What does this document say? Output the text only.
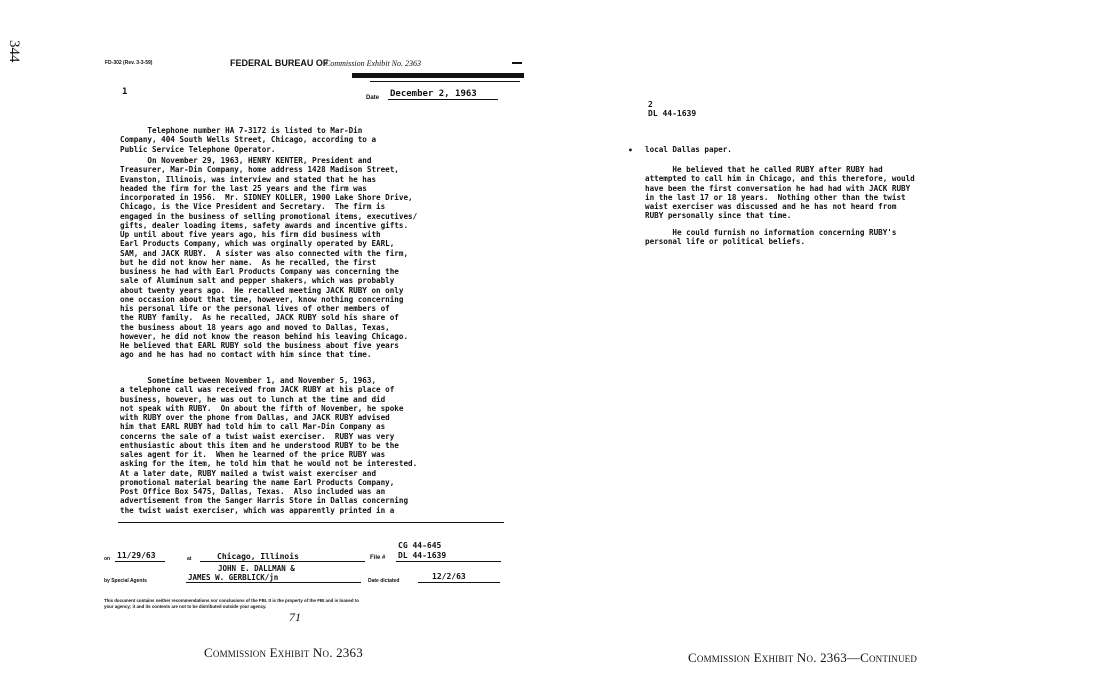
344
FD-302 (Rev. 3-3-59)	FEDERAL BUREAU OF
Commission Exhibit No. 2363
1
Date December 2, 1963
Telephone number HA 7-3172 is listed to Mar-Din
Company, 404 South Wells Street, Chicago, according to a
Public Service Telephone Operator.
On November 29, 1963, HENRY KENTER, President and
Treasurer, Mar-Din Company, home address 1428 Madison Street,
Evanston, Illinois, was interview and stated that he has
headed the firm for the last 25 years and the firm was
incorporated in 1956.  Mr. SIDNEY KOLLER, 1900 Lake Shore Drive,
Chicago, is the Vice President and Secretary.  The firm is
engaged in the business of selling promotional items, executives/
gifts, dealer loading items, safety awards and incentive gifts.
Up until about five years ago, his firm did business with
Earl Products Company, which was orginally operated by EARL,
SAM, and JACK RUBY.  A sister was also connected with the firm,
but he did not know her name.  As he recalled, the first
business he had with Earl Products Company was concerning the
sale of Aluminum salt and pepper shakers, which was probably
about twenty years ago.  He recalled meeting JACK RUBY on only
one occasion about that time, however, know nothing concerning
his personal life or the personal lives of other members of
the RUBY family.  As he recalled, JACK RUBY sold his share of
the business about 18 years ago and moved to Dallas, Texas,
however, he did not know the reason behind his leaving Chicago.
He believed that EARL RUBY sold the business about five years
ago and he has had no contact with him since that time.
Sometime between November 1, and November 5, 1963,
a telephone call was received from JACK RUBY at his place of
business, however, he was out to lunch at the time and did
not speak with RUBY.  On about the fifth of November, he spoke
with RUBY over the phone from Dallas, and JACK RUBY advised
him that EARL RUBY had told him to call Mar-Din Company as
concerns the sale of a twist waist exerciser.  RUBY was very
enthusiastic about this item and he understood RUBY to be the
sales agent for it.  When he learned of the price RUBY was
asking for the item, he told him that he would not be interested.
At a later date, RUBY mailed a twist waist exerciser and
promotional material bearing the name Earl Products Company,
Post Office Box 5475, Dallas, Texas.  Also included was an
advertisement from the Sanger Harris Store in Dallas concerning
the twist waist exerciser, which was apparently printed in a
2
DL 44-1639
• local Dallas paper.
He believed that he called RUBY after RUBY had
attempted to call him in Chicago, and this therefore, would
have been the first conversation he had had with JACK RUBY
in the last 17 or 18 years.  Nothing other than the twist
waist exerciser was discussed and he has not heard from
RUBY personally since that time.
He could furnish no information concerning RUBY's
personal life or political beliefs.
on 11/29/63	at	Chicago, Illinois	File #
CG 44-645
DL 44-1639
by Special Agents
JOHN E. DALLMAN &
JAMES W. GERBLICK/jn	Date dictated	12/2/63
This document contains neither recommendations nor conclusions of the FBI. It is the property of the FBI and is loaned to
your agency; it and its contents are not to be distributed outside your agency.
71
Commission Exhibit No. 2363	Commission Exhibit No. 2363—Continued
